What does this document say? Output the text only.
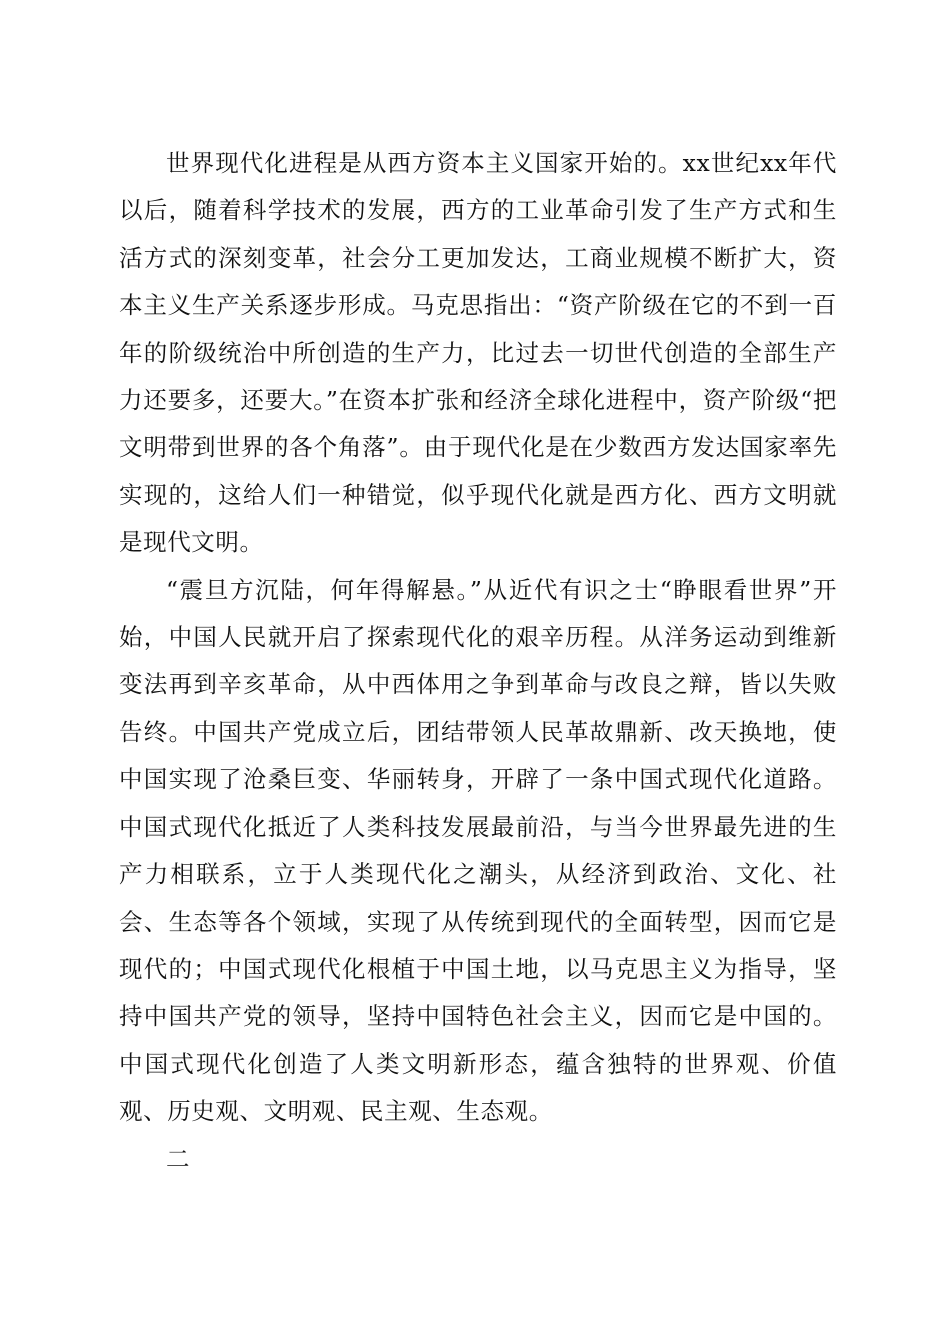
世界现代化进程是从西方资本主义国家开始的。xx世纪xx年代以后，随着科学技术的发展，西方的工业革命引发了生产方式和生活方式的深刻变革，社会分工更加发达，工商业规模不断扩大，资本主义生产关系逐步形成。马克思指出：“资产阶级在它的不到一百年的阶级统治中所创造的生产力，比过去一切世代创造的全部生产力还要多，还要大。”在资本扩张和经济全球化进程中，资产阶级“把文明带到世界的各个角落”。由于现代化是在少数西方发达国家率先实现的，这给人们一种错觉，似乎现代化就是西方化、西方文明就是现代文明。

“震旦方沉陆，何年得解悬。”从近代有识之士“睁眼看世界”开始，中国人民就开启了探索现代化的艰辛历程。从洋务运动到维新变法再到辛亥革命，从中西体用之争到革命与改良之辩，皆以失败告终。中国共产党成立后，团结带领人民革故鼎新、改天换地，使中国实现了沧桑巨变、华丽转身，开辟了一条中国式现代化道路。中国式现代化抵近了人类科技发展最前沿，与当今世界最先进的生产力相联系，立于人类现代化之潮头，从经济到政治、文化、社会、生态等各个领域，实现了从传统到现代的全面转型，因而它是现代的；中国式现代化根植于中国土地，以马克思主义为指导，坚持中国共产党的领导，坚持中国特色社会主义，因而它是中国的。中国式现代化创造了人类文明新形态，蕴含独特的世界观、价值观、历史观、文明观、民主观、生态观。

二
